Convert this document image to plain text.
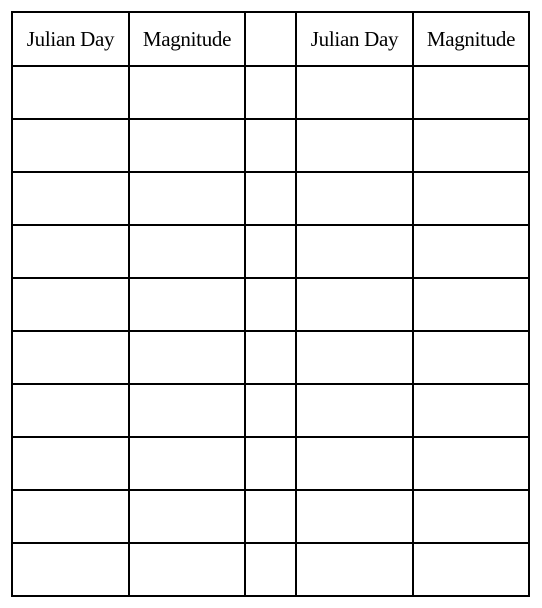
Julian Day	Magnitude		Julian Day	Magnitude
